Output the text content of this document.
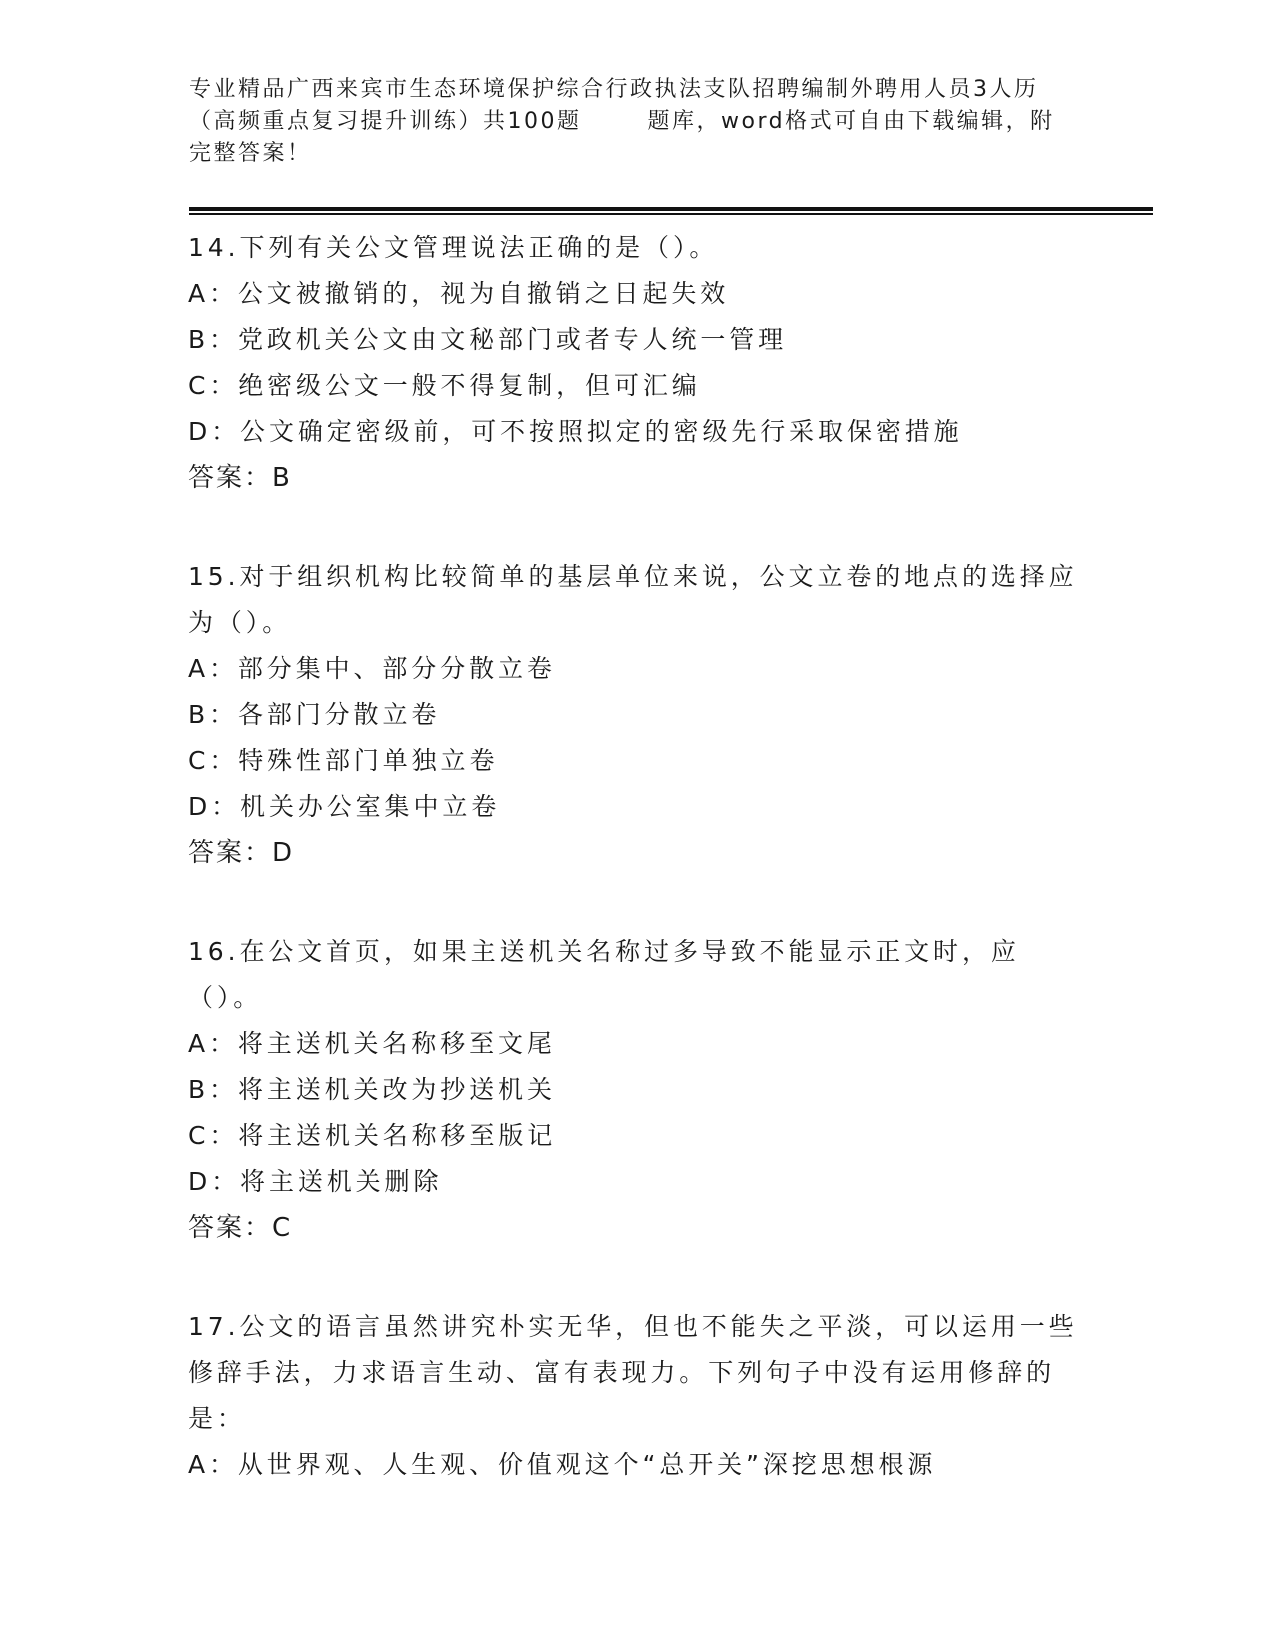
专业精品广西来宾市生态环境保护综合行政执法支队招聘编制外聘用人员3人历（高频重点复习提升训练）共100题	题库，word格式可自由下载编辑，附完整答案！
14.下列有关公文管理说法正确的是（）。
A：公文被撤销的，视为自撤销之日起失效
B：党政机关公文由文秘部门或者专人统一管理
C：绝密级公文一般不得复制，但可汇编
D：公文确定密级前，可不按照拟定的密级先行采取保密措施
答案：B
15.对于组织机构比较简单的基层单位来说，公文立卷的地点的选择应为（）。
A：部分集中、部分分散立卷
B：各部门分散立卷
C：特殊性部门单独立卷
D：机关办公室集中立卷
答案：D
16.在公文首页，如果主送机关名称过多导致不能显示正文时，应（）。
A：将主送机关名称移至文尾
B：将主送机关改为抄送机关
C：将主送机关名称移至版记
D：将主送机关删除
答案：C
17.公文的语言虽然讲究朴实无华，但也不能失之平淡，可以运用一些修辞手法，力求语言生动、富有表现力。下列句子中没有运用修辞的是：
A：从世界观、人生观、价值观这个“总开关”深挖思想根源
